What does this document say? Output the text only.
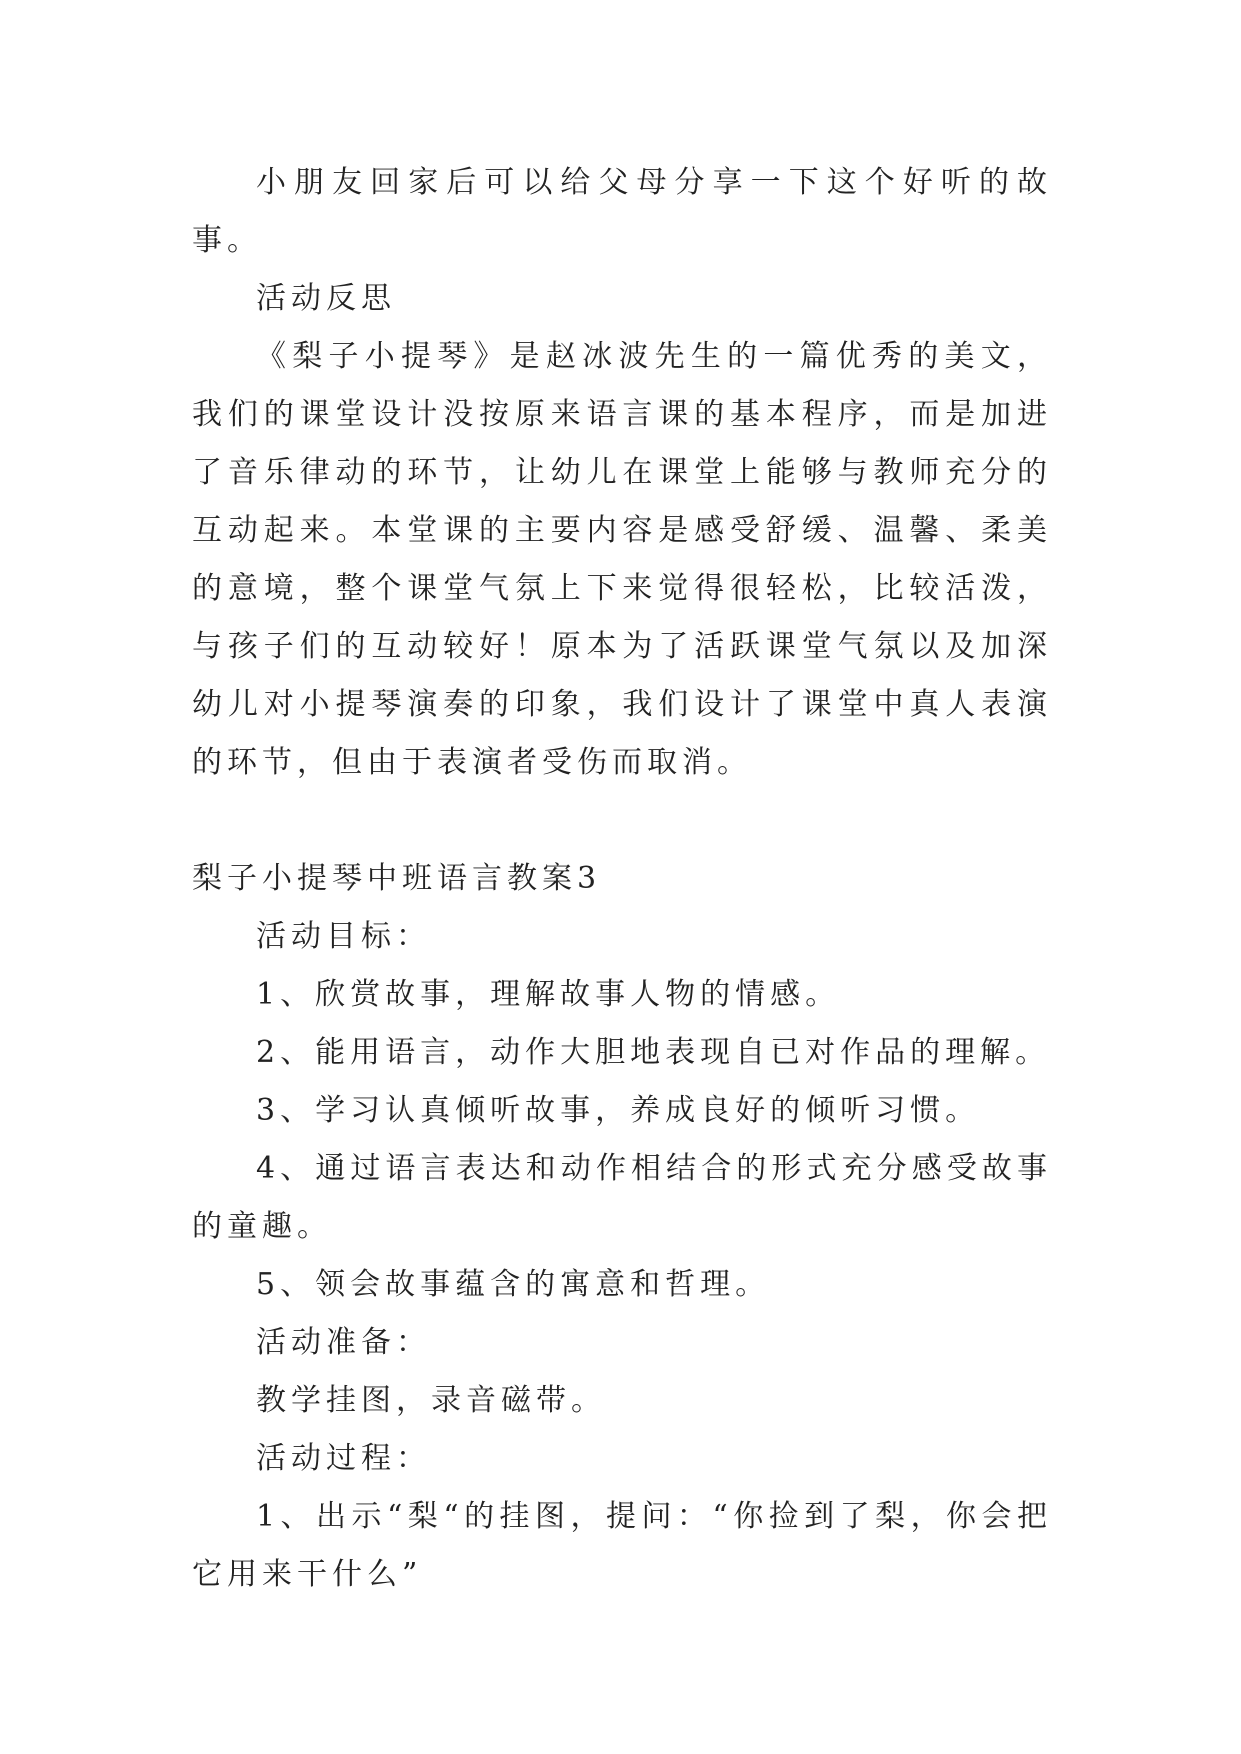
小朋友回家后可以给父母分享一下这个好听的故事。

活动反思

《梨子小提琴》是赵冰波先生的一篇优秀的美文，我们的课堂设计没按原来语言课的基本程序，而是加进了音乐律动的环节，让幼儿在课堂上能够与教师充分的互动起来。本堂课的主要内容是感受舒缓、温馨、柔美的意境，整个课堂气氛上下来觉得很轻松，比较活泼，与孩子们的互动较好！原本为了活跃课堂气氛以及加深幼儿对小提琴演奏的印象，我们设计了课堂中真人表演的环节，但由于表演者受伤而取消。

梨子小提琴中班语言教案3

活动目标：

1、欣赏故事，理解故事人物的情感。

2、能用语言，动作大胆地表现自已对作品的理解。

3、学习认真倾听故事，养成良好的倾听习惯。

4、通过语言表达和动作相结合的形式充分感受故事的童趣。

5、领会故事蕴含的寓意和哲理。

活动准备：

教学挂图，录音磁带。

活动过程：

1、出示“梨“的挂图，提问：“你捡到了梨，你会把它用来干什么”
